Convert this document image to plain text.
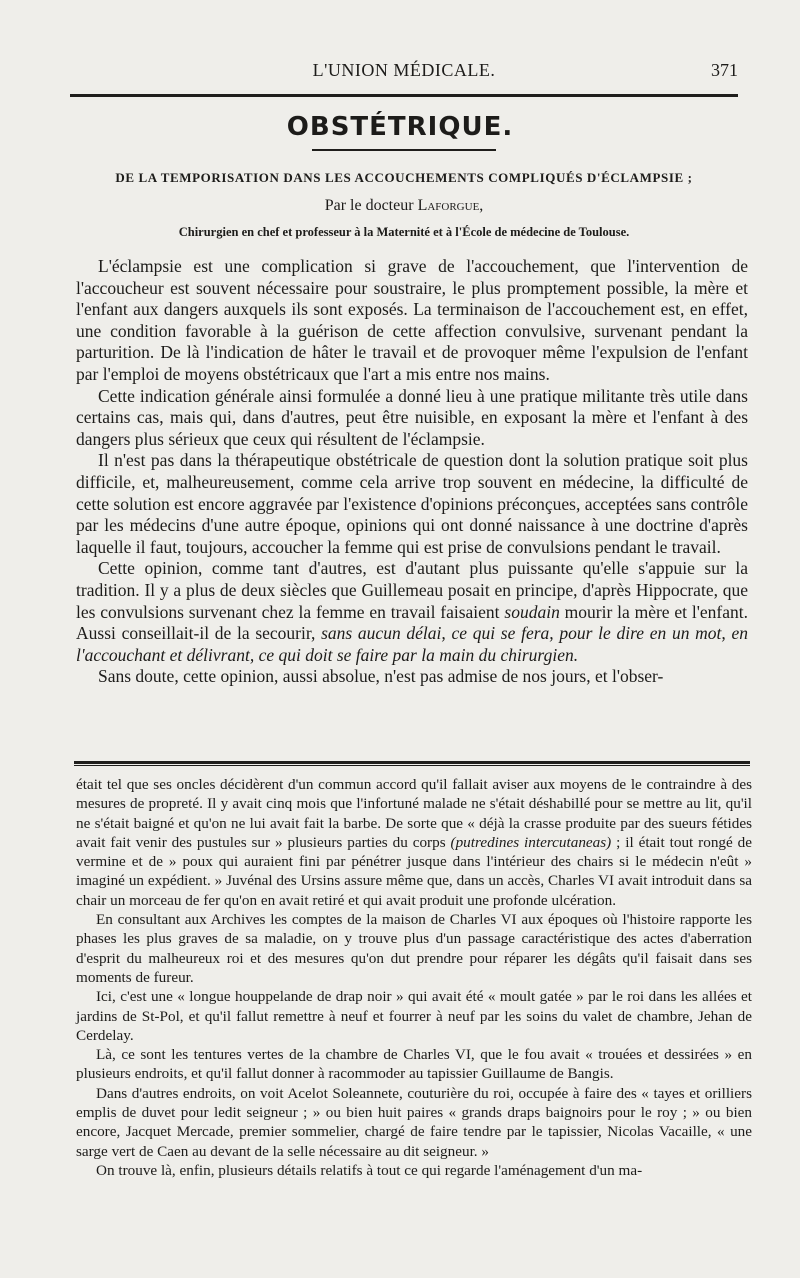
L'UNION MÉDICALE.	371
OBSTÉTRIQUE.
DE LA TEMPORISATION DANS LES ACCOUCHEMENTS COMPLIQUÉS D'ÉCLAMPSIE ;
Par le docteur Laforgue,
Chirurgien en chef et professeur à la Maternité et à l'École de médecine de Toulouse.

L'éclampsie est une complication si grave de l'accouchement, que l'intervention de l'accoucheur est souvent nécessaire pour soustraire, le plus promptement possible, la mère et l'enfant aux dangers auxquels ils sont exposés. La terminaison de l'accouchement est, en effet, une condition favorable à la guérison de cette affection convulsive, survenant pendant la parturition. De là l'indication de hâter le travail et de provoquer même l'expulsion de l'enfant par l'emploi de moyens obstétricaux que l'art a mis entre nos mains.

Cette indication générale ainsi formulée a donné lieu à une pratique militante très utile dans certains cas, mais qui, dans d'autres, peut être nuisible, en exposant la mère et l'enfant à des dangers plus sérieux que ceux qui résultent de l'éclampsie.

Il n'est pas dans la thérapeutique obstétricale de question dont la solution pratique soit plus difficile, et, malheureusement, comme cela arrive trop souvent en médecine, la difficulté de cette solution est encore aggravée par l'existence d'opinions préconçues, acceptées sans contrôle par les médecins d'une autre époque, opinions qui ont donné naissance à une doctrine d'après laquelle il faut, toujours, accoucher la femme qui est prise de convulsions pendant le travail.

Cette opinion, comme tant d'autres, est d'autant plus puissante qu'elle s'appuie sur la tradition. Il y a plus de deux siècles que Guillemeau posait en principe, d'après Hippocrate, que les convulsions survenant chez la femme en travail faisaient soudain mourir la mère et l'enfant. Aussi conseillait-il de la secourir, sans aucun délai, ce qui se fera, pour le dire en un mot, en l'accouchant et délivrant, ce qui doit se faire par la main du chirurgien.

Sans doute, cette opinion, aussi absolue, n'est pas admise de nos jours, et l'obser-

était tel que ses oncles décidèrent d'un commun accord qu'il fallait aviser aux moyens de le contraindre à des mesures de propreté. Il y avait cinq mois que l'infortuné malade ne s'était déshabillé pour se mettre au lit, qu'il ne s'était baigné et qu'on ne lui avait fait la barbe. De sorte que « déjà la crasse produite par des sueurs fétides avait fait venir des pustules sur » plusieurs parties du corps (putredines intercutaneas) ; il était tout rongé de vermine et de » poux qui auraient fini par pénétrer jusque dans l'intérieur des chairs si le médecin n'eût » imaginé un expédient. » Juvénal des Ursins assure même que, dans un accès, Charles VI avait introduit dans sa chair un morceau de fer qu'on en avait retiré et qui avait produit une profonde ulcération.

En consultant aux Archives les comptes de la maison de Charles VI aux époques où l'histoire rapporte les phases les plus graves de sa maladie, on y trouve plus d'un passage caractéristique des actes d'aberration d'esprit du malheureux roi et des mesures qu'on dut prendre pour réparer les dégâts qu'il faisait dans ses moments de fureur.

Ici, c'est une « longue houppelande de drap noir » qui avait été « moult gatée » par le roi dans les allées et jardins de St-Pol, et qu'il fallut remettre à neuf et fourrer à neuf par les soins du valet de chambre, Jehan de Cerdelay.

Là, ce sont les tentures vertes de la chambre de Charles VI, que le fou avait « trouées et dessirées » en plusieurs endroits, et qu'il fallut donner à racommoder au tapissier Guillaume de Bangis.

Dans d'autres endroits, on voit Acelot Soleannete, couturière du roi, occupée à faire des « tayes et orilliers emplis de duvet pour ledit seigneur ; » ou bien huit paires « grands draps baignoirs pour le roy ; » ou bien encore, Jacquet Mercade, premier sommelier, chargé de faire tendre par le tapissier, Nicolas Vacaille, « une sarge vert de Caen au devant de la selle nécessaire au dit seigneur. »

On trouve là, enfin, plusieurs détails relatifs à tout ce qui regarde l'aménagement d'un ma-
